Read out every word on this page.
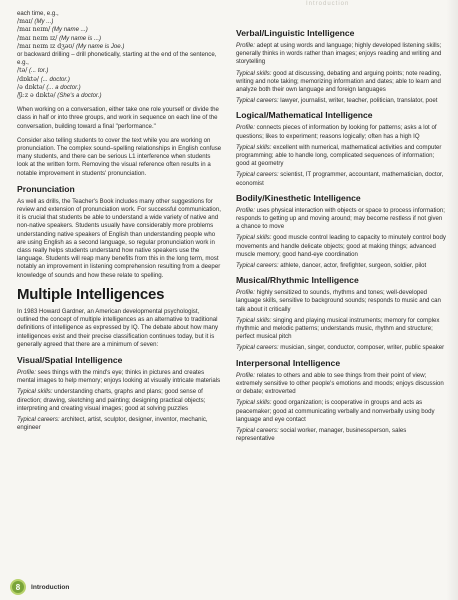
Introduction

each time, e.g.,

/maɪ/ (My ...)

/maɪ neɪm/ (My name ...)

/maɪ neɪm ɪz/ (My name is ...)

/maɪ neɪm ɪz dʒəʊ/ (My name is Joe.)

or backward drilling – drill phonetically, starting at the end of the sentence, e.g.,

/tə/ (... tor.)

/dɒktə/ (... doctor.)

/ə dɒktə/ (... a doctor.)

/ʃiːz ə dɒktə/ (She's a doctor.)

When working on a conversation, either take one role yourself or divide the class in half or into three groups, and work in sequence on each line of the conversation, building toward a final "performance."

Consider also telling students to cover the text while you are working on pronunciation. The complex sound–spelling relationships in English confuse many students, and there can be serious L1 interference when students look at the written form. Removing the visual reference often results in a notable improvement in students' pronunciation.

Pronunciation

As well as drills, the Teacher's Book includes many other suggestions for review and extension of pronunciation work. For successful communication, it is crucial that students be able to understand a wide variety of native and non-native speakers. Students usually have considerably more problems understanding native speakers of English than understanding people who are using English as a second language, so regular pronunciation work in class really helps students understand how native speakers use the language. Students will reap many benefits from this in the long term, most notably an improvement in listening comprehension resulting from a deeper knowledge of sounds and how these relate to spelling.

Multiple Intelligences

In 1983 Howard Gardner, an American developmental psychologist, outlined the concept of multiple intelligences as an alternative to traditional definitions of intelligence as expressed by IQ. The debate about how many intelligences exist and their precise classification continues today, but it is generally agreed that there are a minimum of seven:

Visual/Spatial Intelligence

Profile: sees things with the mind's eye; thinks in pictures and creates mental images to help memory; enjoys looking at visually intricate materials

Typical skills: understanding charts, graphs and plans; good sense of direction; drawing, sketching and painting; designing practical objects; interpreting and creating visual images; good at solving puzzles

Typical careers: architect, artist, sculptor, designer, inventor, mechanic, engineer

Verbal/Linguistic Intelligence

Profile: adept at using words and language; highly developed listening skills; generally thinks in words rather than images; enjoys reading and writing and storytelling

Typical skills: good at discussing, debating and arguing points; note reading, writing and note taking; memorizing information and dates; able to learn and analyze both their own language and foreign languages

Typical careers: lawyer, journalist, writer, teacher, politician, translator, poet

Logical/Mathematical Intelligence

Profile: connects pieces of information by looking for patterns; asks a lot of questions; likes to experiment; reasons logically; often has a high IQ

Typical skills: excellent with numerical, mathematical activities and computer programming; able to handle long, complicated sequences of information; good at geometry

Typical careers: scientist, IT programmer, accountant, mathematician, doctor, economist

Bodily/Kinesthetic Intelligence

Profile: uses physical interaction with objects or space to process information; responds to getting up and moving around; may become restless if not given a chance to move

Typical skills: good muscle control leading to capacity to minutely control body movements and handle delicate objects; good at making things; advanced muscle memory; good hand-eye coordination

Typical careers: athlete, dancer, actor, firefighter, surgeon, soldier, pilot

Musical/Rhythmic Intelligence

Profile: highly sensitized to sounds, rhythms and tones; well-developed language skills, sensitive to background sounds; responds to music and can talk about it critically

Typical skills: singing and playing musical instruments; memory for complex rhythmic and melodic patterns; understands music, rhythm and structure; perfect musical pitch

Typical careers: musician, singer, conductor, composer, writer, public speaker

Interpersonal Intelligence

Profile: relates to others and able to see things from their point of view; extremely sensitive to other people's emotions and moods; enjoys discussion or debate; extroverted

Typical skills: good organization; is cooperative in groups and acts as peacemaker; good at communicating verbally and nonverbally using body language and eye contact

Typical careers: social worker, manager, businessperson, sales representative

8	Introduction
